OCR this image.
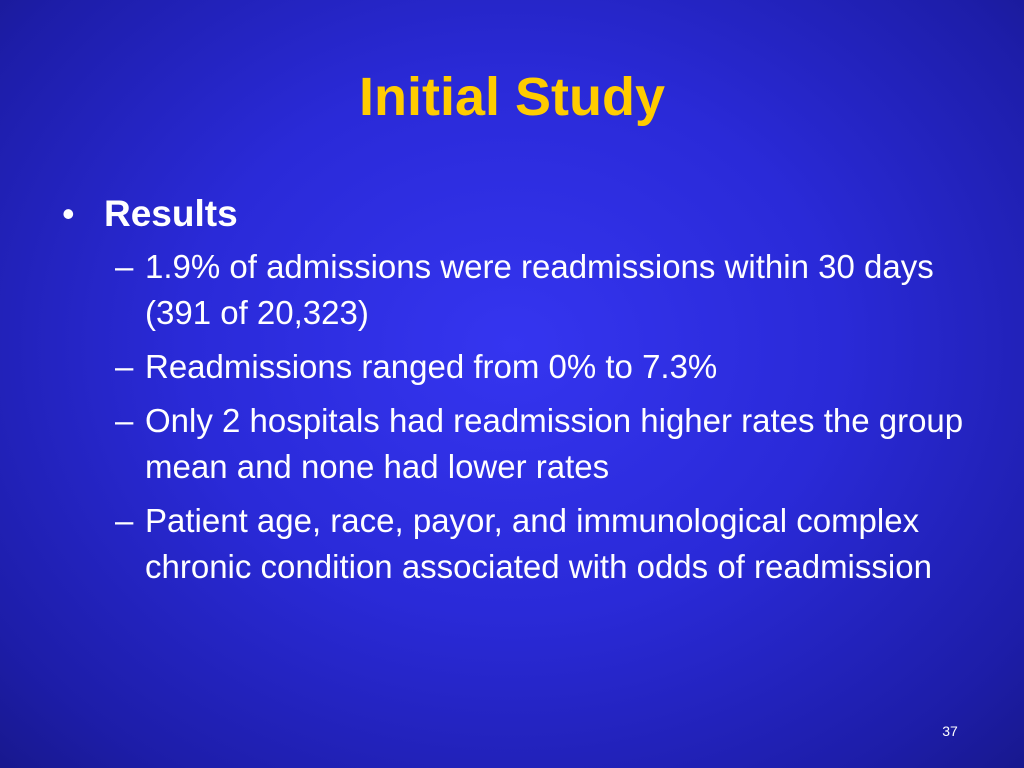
Initial Study
• Results
– 1.9% of admissions were readmissions within 30 days (391 of 20,323)
– Readmissions ranged from 0% to 7.3%
– Only 2 hospitals had readmission higher rates the group mean and none had lower rates
– Patient age, race, payor, and immunological complex chronic condition associated with odds of readmission
37
